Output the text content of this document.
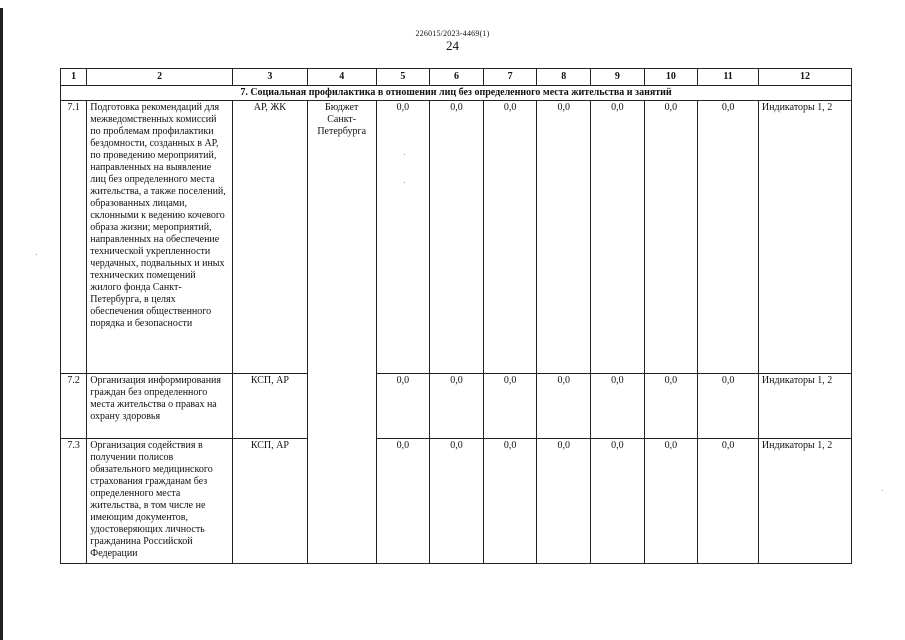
226015/2023-4469(1)
24
1	2	3	4	5	6	7	8	9	10	11	12
7. Социальная профилактика в отношении лиц без определенного места жительства и занятий											
7.1	Подготовка рекомендаций для межведомственных комиссий по проблемам профилактики бездомности, созданных в АР, по проведению мероприятий, направленных на выявление лиц без определенного места жительства, а также поселений, образованных лицами, склонными к ведению кочевого образа жизни; мероприятий, направленных на обеспечение технической укрепленности чердачных, подвальных и иных технических помещений жилого фонда Санкт-Петербурга, в целях обеспечения общественного порядка и безопасности	АР, ЖК	Бюджет Санкт-Петербурга	0,0	0,0	0,0	0,0	0,0	0,0	0,0	Индикаторы 1, 2
7.2	Организация информирования граждан без определенного места жительства о правах на охрану здоровья	КСП, АР		0,0	0,0	0,0	0,0	0,0	0,0	0,0	Индикаторы 1, 2
7.3	Организация содействия в получении полисов обязательного медицинского страхования гражданам без определенного места жительства, в том числе не имеющим документов, удостоверяющих личность гражданина Российской Федерации	КСП, АР		0,0	0,0	0,0	0,0	0,0	0,0	0,0	Индикаторы 1, 2
